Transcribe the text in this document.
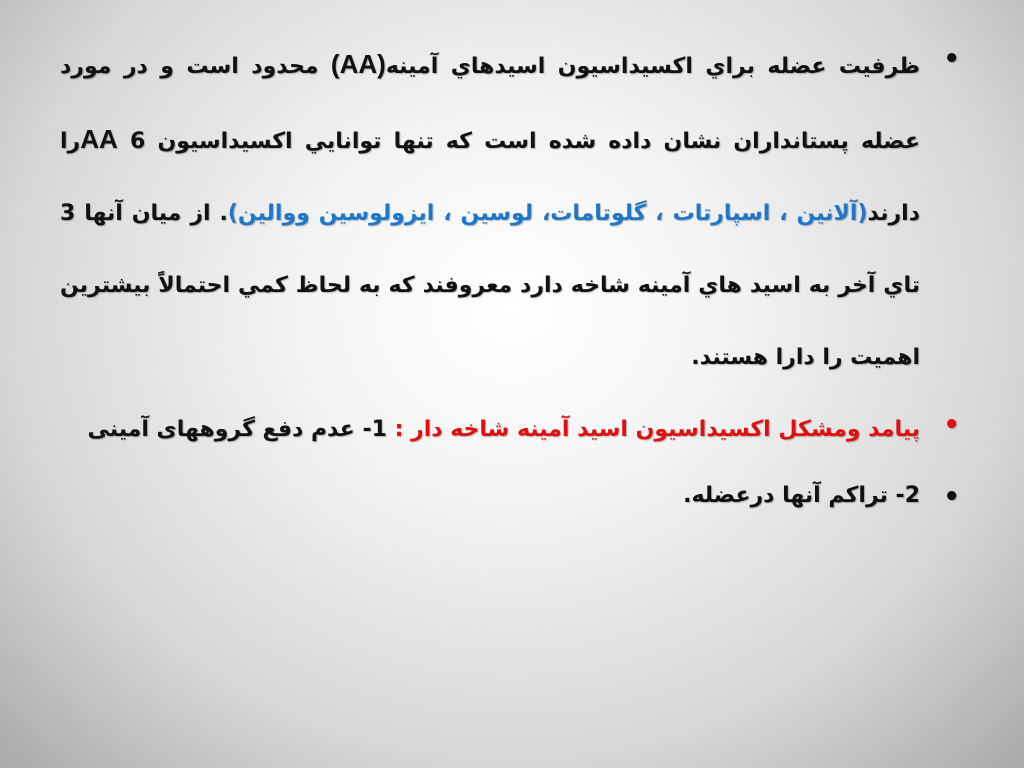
•
ظرفيت عضله براي اكسيداسيون اسيدهاي آمينه(AA) محدود است و در مورد عضله پستانداران نشان داده شده است كه تنها توانايي اكسيداسيون 6 AAرا دارند(آلانين ، اسپارتات ، گلوتامات، لوسين ، ايزولوسين ووالين). از ميان آنها 3 تاي آخر به اسيد هاي آمينه شاخه دارد معروفند كه به لحاظ كمي احتمالاً بيشترين اهميت را دارا هستند.
•
پيامد ومشكل اكسيداسيون اسيد آمينه شاخه دار : 1- عدم دفع گروههای آمینی
•
2- تراكم آنها درعضله.
